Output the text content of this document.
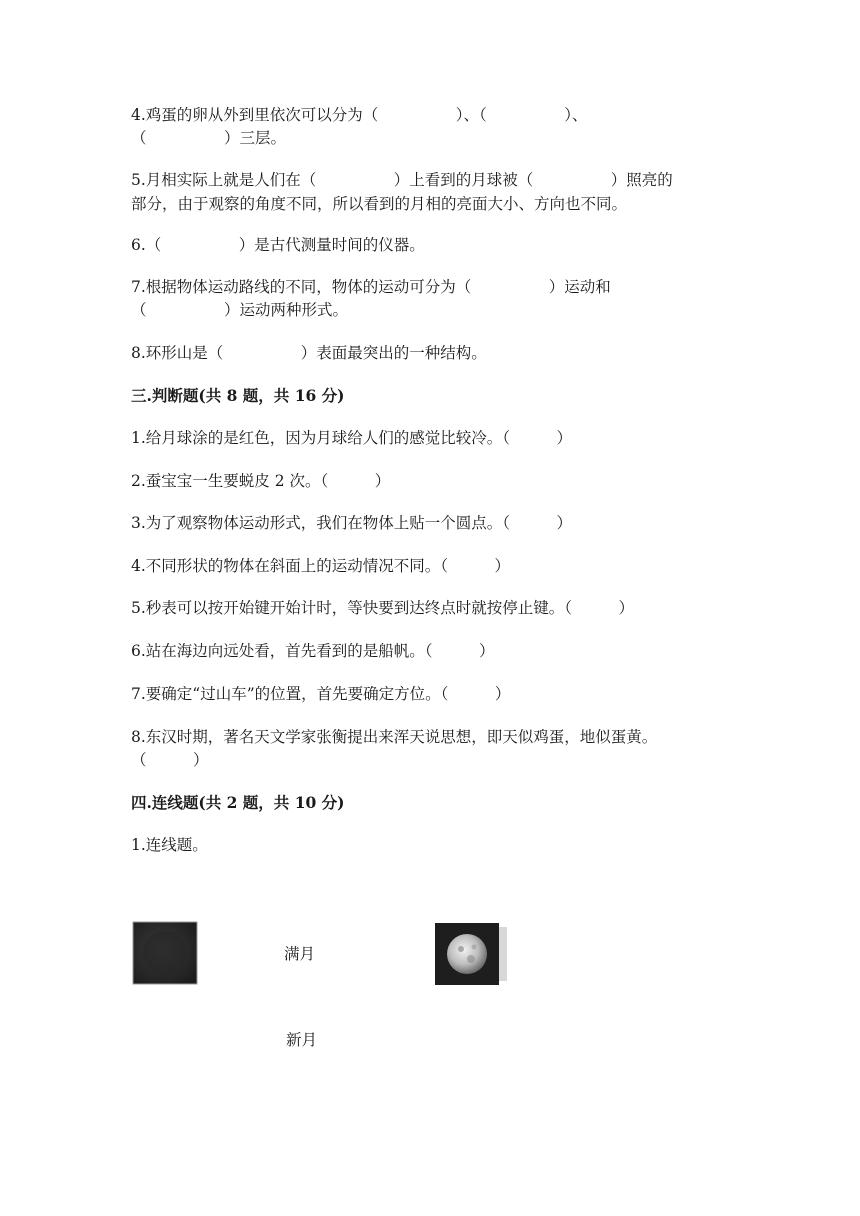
4.鸡蛋的卵从外到里依次可以分为（　　　　　）、（　　　　　）、
（　　　　　）三层。
5.月相实际上就是人们在（　　　　　）上看到的月球被（　　　　　）照亮的
部分，由于观察的角度不同，所以看到的月相的亮面大小、方向也不同。
6.（　　　　　）是古代测量时间的仪器。
7.根据物体运动路线的不同，物体的运动可分为（　　　　　）运动和
（　　　　　）运动两种形式。
8.环形山是（　　　　　）表面最突出的一种结构。
三.判断题(共 8 题，共 16 分)
1.给月球涂的是红色，因为月球给人们的感觉比较冷。（　　　）
2.蚕宝宝一生要蜕皮 2 次。（　　　）
3.为了观察物体运动形式，我们在物体上贴一个圆点。（　　　）
4.不同形状的物体在斜面上的运动情况不同。（　　　）
5.秒表可以按开始键开始计时，等快要到达终点时就按停止键。（　　　）
6.站在海边向远处看，首先看到的是船帆。（　　　）
7.要确定“过山车”的位置，首先要确定方位。（　　　）
8.东汉时期，著名天文学家张衡提出来浑天说思想，即天似鸡蛋，地似蛋黄。
（　　　）
四.连线题(共 2 题，共 10 分)
1.连线题。
满月
新月
